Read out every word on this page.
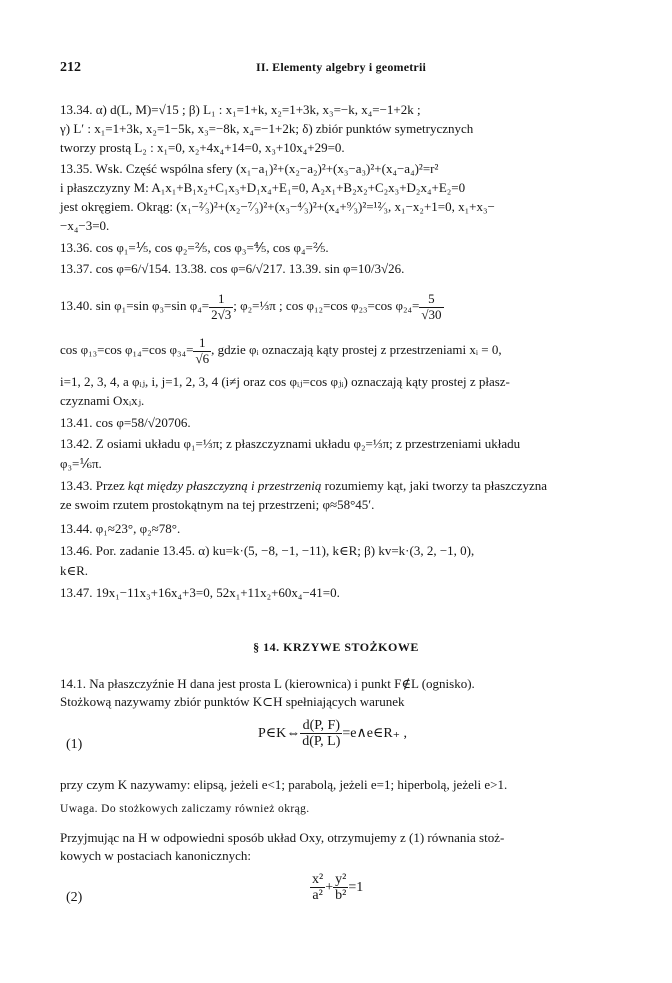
212	II. Elementy algebry i geometrii
13.34. α) d(L, M)=√15 ; β) L₁ : x₁=1+k, x₂=1+3k, x₃=−k, x₄=−1+2k ;
γ) L′ : x₁=1+3k, x₂=1−5k, x₃=−8k, x₄=−1+2k; δ) zbiór punktów symetrycznych
tworzy prostą L₂ : x₁=0, x₂+4x₄+14=0, x₃+10x₄+29=0.
13.35. Wsk. Część wspólna sfery (x₁−a₁)²+(x₂−a₂)²+(x₃−a₃)²+(x₄−a₄)²=r²
i płaszczyzny M: A₁x₁+B₁x₂+C₁x₃+D₁x₄+E₁=0, A₂x₁+B₂x₂+C₂x₃+D₂x₄+E₂=0
jest okręgiem. Okrąg: (x₁−²⁄₃)²+(x₂−⁷⁄₃)²+(x₃−⁴⁄₃)²+(x₄+⁹⁄₃)²=¹²⁄₃, x₁−x₂+1=0, x₁+x₃−
−x₄−3=0.
13.36. cos φ₁=⅕, cos φ₂=⅖, cos φ₃=⅘, cos φ₄=⅖.
13.37. cos φ=6/√154. 13.38. cos φ=6/√217. 13.39. sin φ=10/3√26.
13.40. sin φ₁=sin φ₃=sin $\varphi_4= \frac{1}{2√3}$ ; φ₂=⅓π ; cos φ₁₂=cos φ₂₃=cos $\varphi_{24}= \frac{5}{√30}$
cos φ₁₃=cos φ₁₄=cos $\varphi_{34}= \frac{1}{√6}$ , gdzie φᵢ oznaczają kąty prostej z przestrzeniami xᵢ = 0,
i=1, 2, 3, 4, a φᵢⱼ, i, j=1, 2, 3, 4 (i≠j oraz cos φᵢⱼ=cos φⱼᵢ) oznaczają kąty prostej z płasz-
czyznami Oxᵢxⱼ.
13.41. cos φ=58/√20706.
13.42. Z osiami układu φ₁=⅓π; z płaszczyznami układu φ₂=⅓π; z przestrzeniami układu
φ₃=⅙π.
13.43. Przez kąt między płaszczyzną i przestrzenią rozumiemy kąt, jaki tworzy ta płaszczyzna
ze swoim rzutem prostokątnym na tej przestrzeni; φ≈58°45′.
13.44. φ₁≈23°, φ₂≈78°.
13.46. Por. zadanie 13.45. α) ku=k·(5, −8, −1, −11), k∈R; β) kv=k·(3, 2, −1, 0),
k∈R.
13.47. 19x₁−11x₃+16x₄+3=0, 52x₁+11x₂+60x₄−41=0.
§ 14. KRZYWE STOŻKOWE
14.1. Na płaszczyźnie H dana jest prosta L (kierownica) i punkt F∉L (ognisko).
Stożkową nazywamy zbiór punktów K⊂H spełniających warunek
(1)
P∈K⇔ $\frac{d(P, F)}{d(P, L)}$ =e∧e∈R₊ ,
przy czym K nazywamy: elipsą, jeżeli e<1; parabolą, jeżeli e=1; hiperbolą, jeżeli e>1.
Uwaga. Do stożkowych zaliczamy również okrąg.
Przyjmując na H w odpowiedni sposób układ Oxy, otrzymujemy z (1) równania stoż-
kowych w postaciach kanonicznych:
(2)	$\frac{\text{x²}}{\text{a²}} + \frac{\text{y²}}{\text{b²}} =1$
